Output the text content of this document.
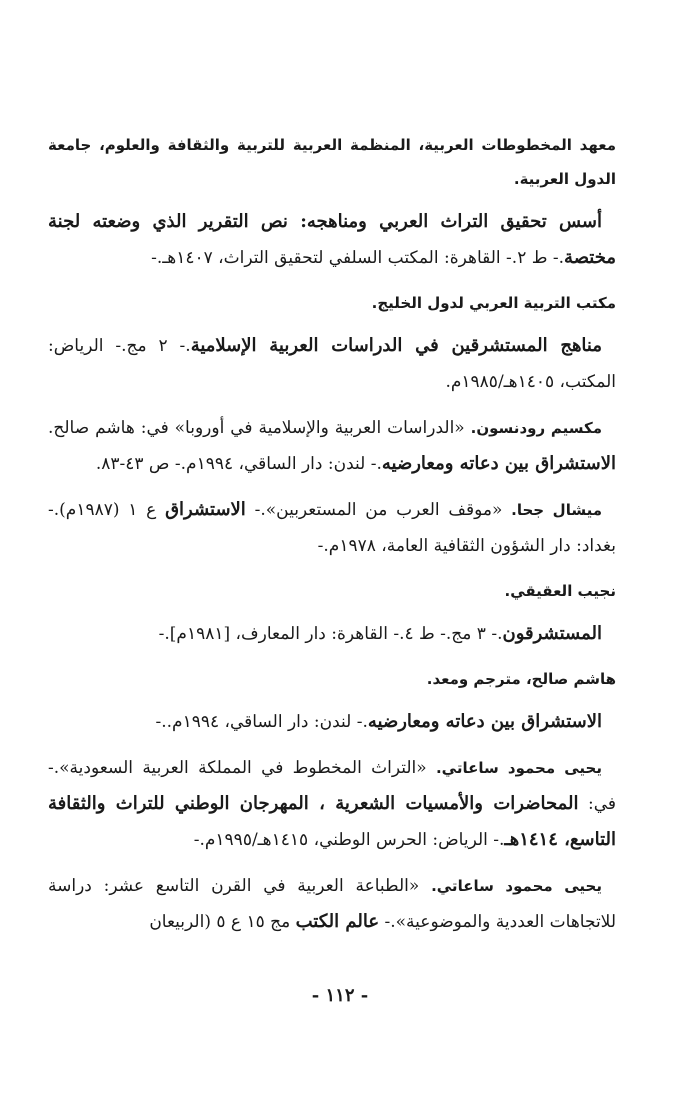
معهد المخطوطات العربية، المنظمة العربية للتربية والثقافة والعلوم، جامعة الدول العربية.

أسس تحقيق التراث العربي ومناهجه: نص التقرير الذي وضعته لجنة مختصة.- ط ٢.- القاهرة: المكتب السلفي لتحقيق التراث، ١٤٠٧هـ.-

مكتب التربية العربي لدول الخليج.

مناهج المستشرقين في الدراسات العربية الإسلامية.- ٢ مج.- الرياض: المكتب، ١٤٠٥هـ/١٩٨٥م.

مكسيم رودنسون. «الدراسات العربية والإسلامية في أوروبا» في: هاشم صالح. الاستشراق بين دعاته ومعارضيه.- لندن: دار الساقي، ١٩٩٤م.- ص ٤٣-٨٣.

ميشال جحا. «موقف العرب من المستعربين».- الاستشراق ع ١ (١٩٨٧م).- بغداد: دار الشؤون الثقافية العامة، ١٩٧٨م.-

نجيب العقيقي.

المستشرقون.- ٣ مج.- ط ٤.- القاهرة: دار المعارف، [١٩٨١م].-

هاشم صالح، مترجم ومعد.

الاستشراق بين دعاته ومعارضيه.- لندن: دار الساقي، ١٩٩٤م..-

يحيى محمود ساعاتي. «التراث المخطوط في المملكة العربية السعودية».- في: المحاضرات والأمسيات الشعرية ، المهرجان الوطني للتراث والثقافة التاسع، ١٤١٤هـ.- الرياض: الحرس الوطني، ١٤١٥هـ/١٩٩٥م.-

يحيى محمود ساعاتي. «الطباعة العربية في القرن التاسع عشر: دراسة للاتجاهات العددية والموضوعية».- عالم الكتب مج ١٥ ع ٥ (الربيعان

- ١١٢ -
